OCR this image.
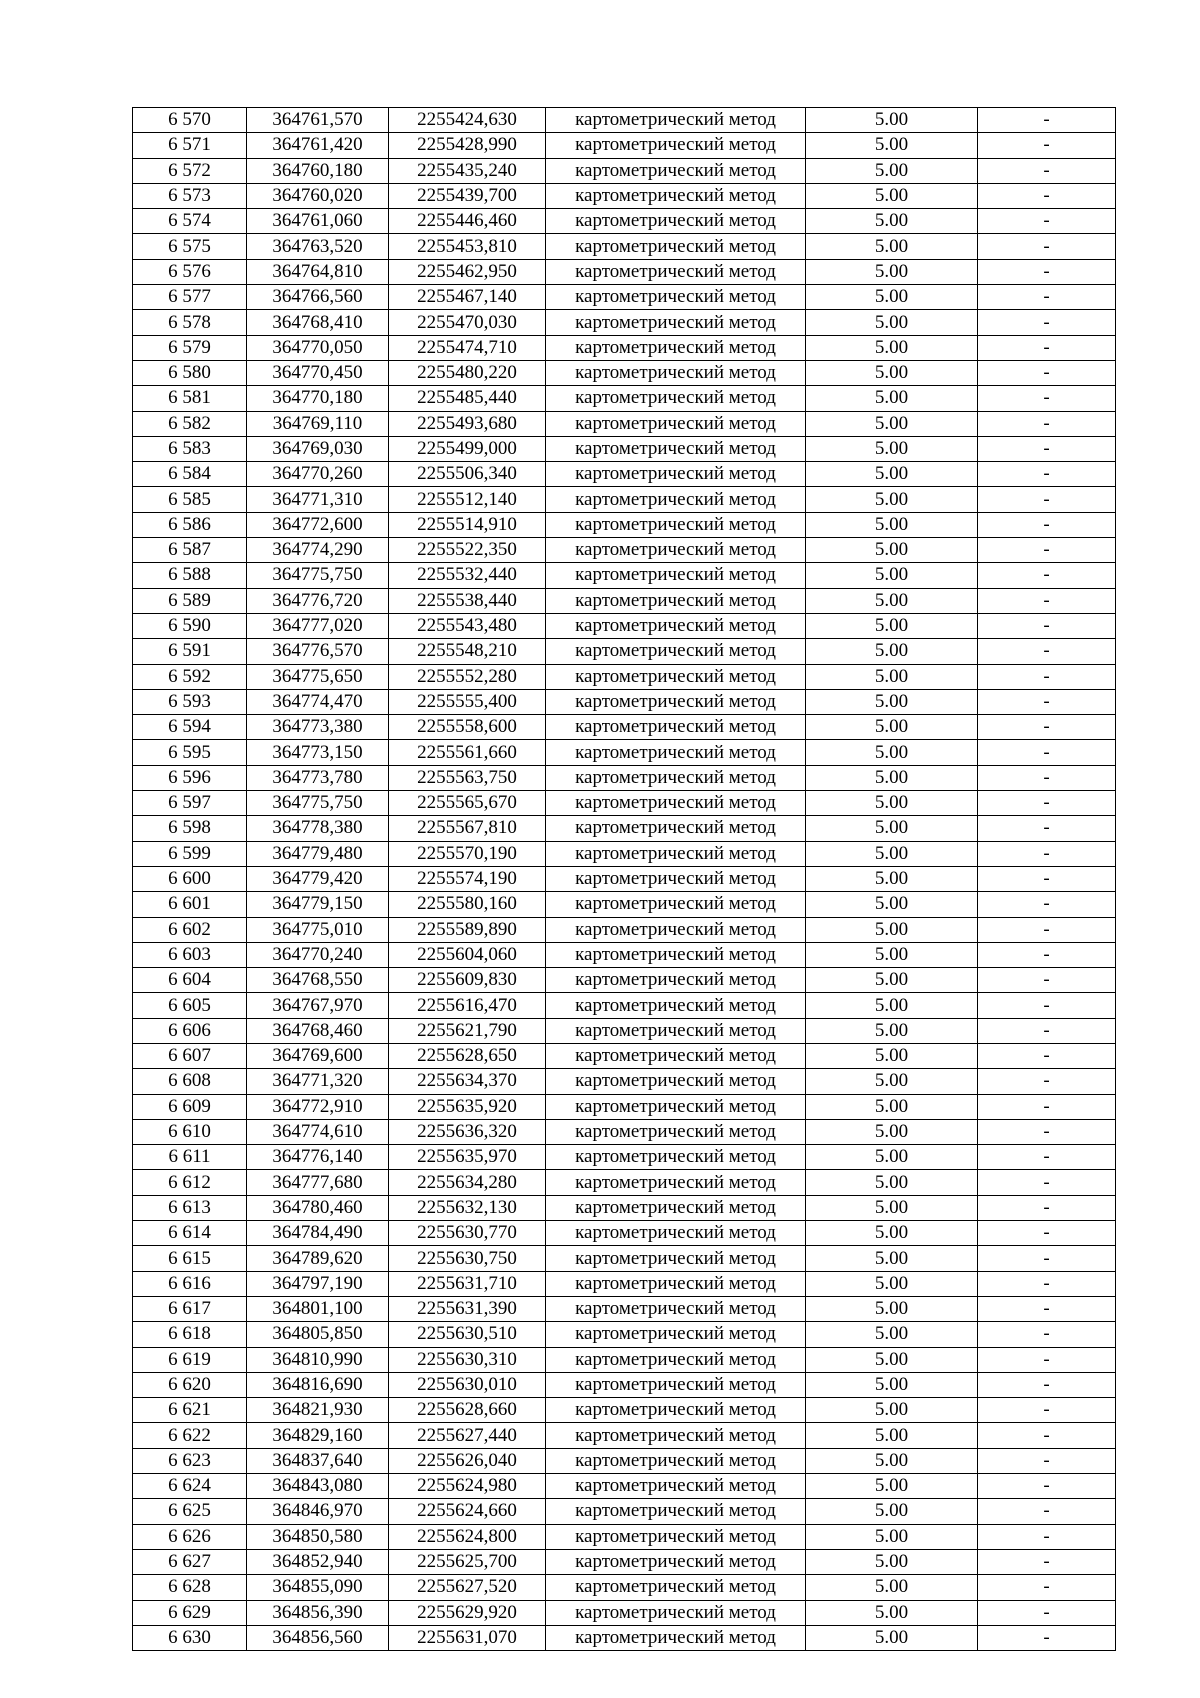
6 570	364761,570	2255424,630	картометрический метод	5.00	-
6 571	364761,420	2255428,990	картометрический метод	5.00	-
6 572	364760,180	2255435,240	картометрический метод	5.00	-
6 573	364760,020	2255439,700	картометрический метод	5.00	-
6 574	364761,060	2255446,460	картометрический метод	5.00	-
6 575	364763,520	2255453,810	картометрический метод	5.00	-
6 576	364764,810	2255462,950	картометрический метод	5.00	-
6 577	364766,560	2255467,140	картометрический метод	5.00	-
6 578	364768,410	2255470,030	картометрический метод	5.00	-
6 579	364770,050	2255474,710	картометрический метод	5.00	-
6 580	364770,450	2255480,220	картометрический метод	5.00	-
6 581	364770,180	2255485,440	картометрический метод	5.00	-
6 582	364769,110	2255493,680	картометрический метод	5.00	-
6 583	364769,030	2255499,000	картометрический метод	5.00	-
6 584	364770,260	2255506,340	картометрический метод	5.00	-
6 585	364771,310	2255512,140	картометрический метод	5.00	-
6 586	364772,600	2255514,910	картометрический метод	5.00	-
6 587	364774,290	2255522,350	картометрический метод	5.00	-
6 588	364775,750	2255532,440	картометрический метод	5.00	-
6 589	364776,720	2255538,440	картометрический метод	5.00	-
6 590	364777,020	2255543,480	картометрический метод	5.00	-
6 591	364776,570	2255548,210	картометрический метод	5.00	-
6 592	364775,650	2255552,280	картометрический метод	5.00	-
6 593	364774,470	2255555,400	картометрический метод	5.00	-
6 594	364773,380	2255558,600	картометрический метод	5.00	-
6 595	364773,150	2255561,660	картометрический метод	5.00	-
6 596	364773,780	2255563,750	картометрический метод	5.00	-
6 597	364775,750	2255565,670	картометрический метод	5.00	-
6 598	364778,380	2255567,810	картометрический метод	5.00	-
6 599	364779,480	2255570,190	картометрический метод	5.00	-
6 600	364779,420	2255574,190	картометрический метод	5.00	-
6 601	364779,150	2255580,160	картометрический метод	5.00	-
6 602	364775,010	2255589,890	картометрический метод	5.00	-
6 603	364770,240	2255604,060	картометрический метод	5.00	-
6 604	364768,550	2255609,830	картометрический метод	5.00	-
6 605	364767,970	2255616,470	картометрический метод	5.00	-
6 606	364768,460	2255621,790	картометрический метод	5.00	-
6 607	364769,600	2255628,650	картометрический метод	5.00	-
6 608	364771,320	2255634,370	картометрический метод	5.00	-
6 609	364772,910	2255635,920	картометрический метод	5.00	-
6 610	364774,610	2255636,320	картометрический метод	5.00	-
6 611	364776,140	2255635,970	картометрический метод	5.00	-
6 612	364777,680	2255634,280	картометрический метод	5.00	-
6 613	364780,460	2255632,130	картометрический метод	5.00	-
6 614	364784,490	2255630,770	картометрический метод	5.00	-
6 615	364789,620	2255630,750	картометрический метод	5.00	-
6 616	364797,190	2255631,710	картометрический метод	5.00	-
6 617	364801,100	2255631,390	картометрический метод	5.00	-
6 618	364805,850	2255630,510	картометрический метод	5.00	-
6 619	364810,990	2255630,310	картометрический метод	5.00	-
6 620	364816,690	2255630,010	картометрический метод	5.00	-
6 621	364821,930	2255628,660	картометрический метод	5.00	-
6 622	364829,160	2255627,440	картометрический метод	5.00	-
6 623	364837,640	2255626,040	картометрический метод	5.00	-
6 624	364843,080	2255624,980	картометрический метод	5.00	-
6 625	364846,970	2255624,660	картометрический метод	5.00	-
6 626	364850,580	2255624,800	картометрический метод	5.00	-
6 627	364852,940	2255625,700	картометрический метод	5.00	-
6 628	364855,090	2255627,520	картометрический метод	5.00	-
6 629	364856,390	2255629,920	картометрический метод	5.00	-
6 630	364856,560	2255631,070	картометрический метод	5.00	-
